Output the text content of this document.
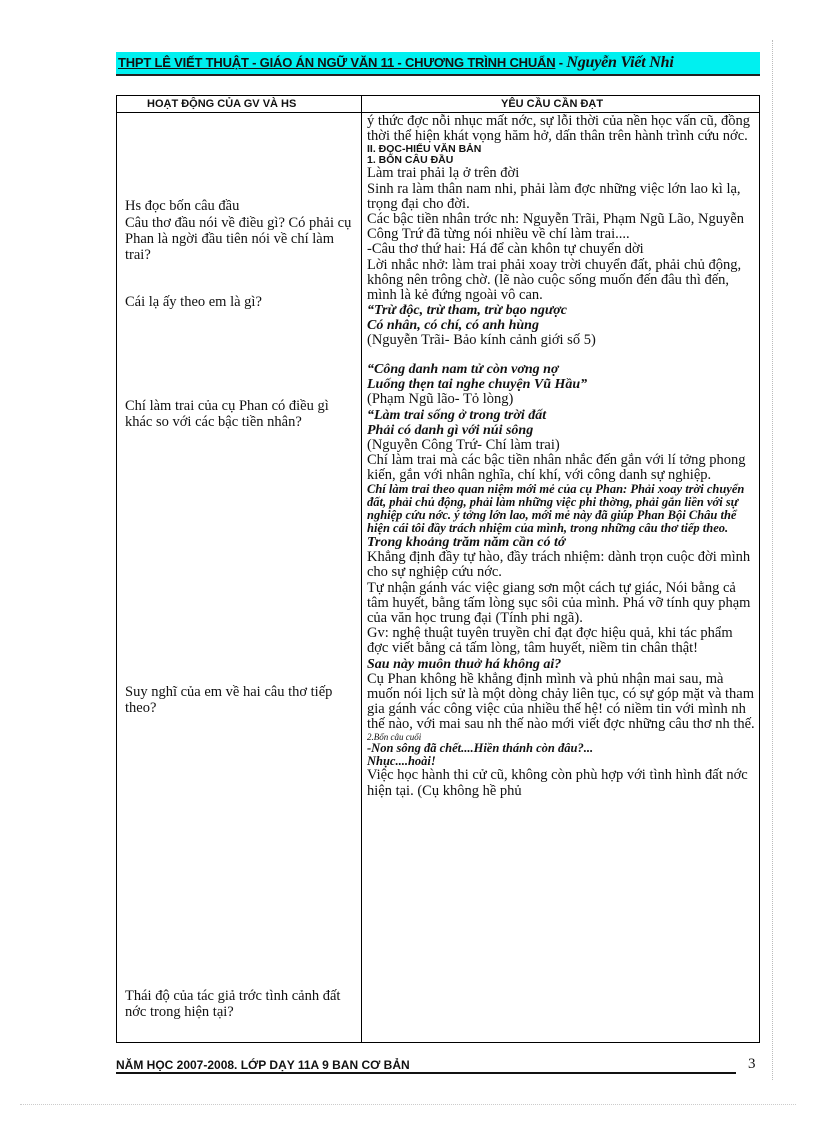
THPT LÊ VIẾT THUẬT - GIÁO ÁN NGỮ VĂN 11 - CHƯƠNG TRÌNH CHUẨN - Nguyễn Viết Nhi
HOẠT ĐỘNG CỦA GV VÀ HS	YÊU CẦU CẦN ĐẠT
Hs đọc bốn câu đầu
Câu thơ đầu nói về điều gì? Có phải cụ Phan là ngời đầu tiên nói về chí làm trai?
Cái lạ ấy theo em là gì?
Chí làm trai của cụ Phan có điều gì khác so với các bậc tiền nhân?
Suy nghĩ của em về hai câu thơ tiếp theo?
Thái độ của tác giả trớc tình cảnh đất nớc trong hiện tại?

ý thức đợc nỗi nhục mất nớc, sự lỗi thời của nền học vấn cũ, đồng thời thể hiện khát vọng hăm hở, dấn thân trên hành trình cứu nớc.

II. ĐỌC-HIỂU VĂN BẢN

1. BỐN CÂU ĐẦU

Làm trai phải lạ ở trên đời

Sinh ra làm thân nam nhi, phải làm đợc những việc lớn lao kì lạ, trọng đại cho đời.

Các bậc tiền nhân trớc nh: Nguyễn Trãi, Phạm Ngũ Lão, Nguyễn Công Trứ đã từng nói nhiều về chí làm trai....

-Câu thơ thứ hai: Há để càn khôn tự chuyển dời

Lời nhắc nhở: làm trai phải xoay trời chuyển đất, phải chủ động, không nên trông chờ. (lẽ nào cuộc sống muốn đến đâu thì đến, mình là kẻ đứng ngoài vô can.

“Trừ độc, trừ tham, trừ bạo ngược

Có nhân, có chí, có anh hùng

(Nguyễn Trãi- Bảo kính cảnh giới số 5)

“Công danh nam tử còn vơng nợ

Luống thẹn tai nghe chuyện Vũ Hầu”

(Phạm Ngũ lão- Tỏ lòng)

“Làm trai sống ở trong trời đất

Phải có danh gì với núi sông

(Nguyễn Công Trứ- Chí làm trai)

Chí làm trai mà các bậc tiền nhân nhắc đến gắn với lí tởng phong kiến, gắn với nhân nghĩa, chí khí, với công danh sự nghiệp.

Chí làm trai theo quan niệm mới mẻ của cụ Phan: Phải xoay trời chuyển đất, phải chủ động, phải làm những việc phi thờng, phải gắn liền với sự nghiệp cứu nớc. ý tởng lớn lao, mới mẻ này đã giúp Phan Bội Châu thể hiện cái tôi đầy trách nhiệm của mình, trong những câu thơ tiếp theo.

Trong khoảng trăm năm cần có tớ

Khẳng định đầy tự hào, đầy trách nhiệm: dành trọn cuộc đời mình cho sự nghiệp cứu nớc.

Tự nhận gánh vác việc giang sơn một cách tự giác, Nói bằng cả tâm huyết, bằng tấm lòng sục sôi của mình. Phá vỡ tính quy phạm của văn học trung đại (Tính phi ngã).

Gv: nghệ thuật tuyên truyền chỉ đạt đợc hiệu quả, khi tác phẩm đợc viết bằng cả tấm lòng, tâm huyết, niềm tin chân thật!

Sau này muôn thuở há không ai?

Cụ Phan không hề khẳng định mình và phủ nhận mai sau, mà muốn nói lịch sử là một dòng chảy liên tục, có sự góp mặt và tham gia gánh vác công việc của nhiều thế hệ! có niềm tin với mình nh thế nào, với mai sau nh thế nào mới viết đợc những câu thơ nh thế.

2.Bốn câu cuối

-Non sông đã chết....Hiền thánh còn đâu?...

Nhục....hoài!

Việc học hành thi cử cũ, không còn phù hợp với tình hình đất nớc hiện tại. (Cụ không hề phủ

NĂM HỌC 2007-2008. LỚP DẠY 11A 9 BAN CƠ BẢN	3
